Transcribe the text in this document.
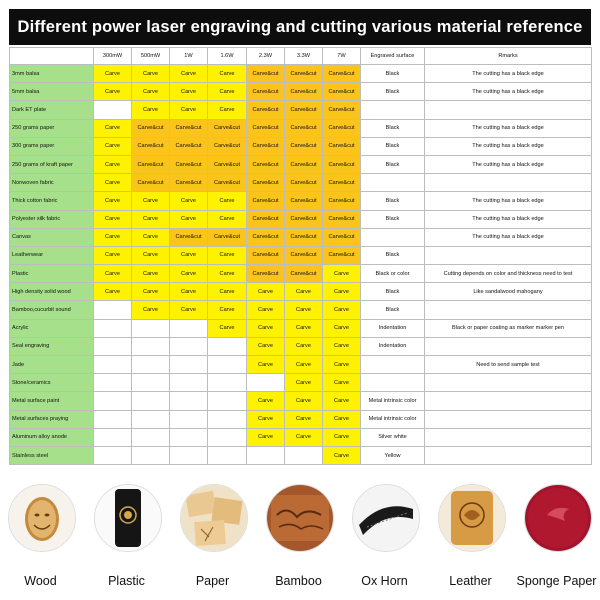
Different power laser engraving and cutting various material reference
	300mW	500mW	1W	1.6W	2.3W	3.3W	7W	Engraved surface	Rmarks
3mm balsa	Carve	Carve	Carve	Carve	Carve&cut	Carve&cut	Carve&cut	Black	The cutting has a black edge
5mm balsa	Carve	Carve	Carve	Carve	Carve&cut	Carve&cut	Carve&cut	Black	The cutting has a black edge
Dark ET plate		Carve	Carve	Carve	Carve&cut	Carve&cut	Carve&cut		
250 grams paper	Carve	Carve&cut	Carve&cut	Carve&cut	Carve&cut	Carve&cut	Carve&cut	Black	The cutting has a black edge
300 grams paper	Carve	Carve&cut	Carve&cut	Carve&cut	Carve&cut	Carve&cut	Carve&cut	Black	The cutting has a black edge
250 grams of kraft paper	Carve	Carve&cut	Carve&cut	Carve&cut	Carve&cut	Carve&cut	Carve&cut	Black	The cutting has a black edge
Nonwoven fabric	Carve	Carve&cut	Carve&cut	Carve&cut	Carve&cut	Carve&cut	Carve&cut		
Thick cotton fabric	Carve	Carve	Carve	Carve	Carve&cut	Carve&cut	Carve&cut	Black	The cutting has a black edge
Polyester silk fabric	Carve	Carve	Carve	Carve	Carve&cut	Carve&cut	Carve&cut	Black	The cutting has a black edge
Canvas	Carve	Carve	Carve&cut	Carve&cut	Carve&cut	Carve&cut	Carve&cut		The cutting has a black edge
Leatherwear	Carve	Carve	Carve	Carve	Carve&cut	Carve&cut	Carve&cut	Black	
Plastic	Carve	Carve	Carve	Carve	Carve&cut	Carve&cut	Carve	Black or color	Cutting depends on color and thickness need to test
High density solid wood	Carve	Carve	Carve	Carve	Carve	Carve	Carve	Black	Like sandalwood mahogany
Bamboo,cucurbit sound		Carve	Carve	Carve	Carve	Carve	Carve	Black	
Acrylic				Carve	Carve	Carve	Carve	Indentation	Black or paper coating as marker marker pen
Seal engraving					Carve	Carve	Carve	Indentation	
Jade					Carve	Carve	Carve		Need to send sample test
Stone/ceramics						Carve	Carve		
Metal surface paint					Carve	Carve	Carve	Metal intrinsic color	
Metal surfaces praying					Carve	Carve	Carve	Metal intrinsic color	
Aluminum alloy anode					Carve	Carve	Carve	Silver white	
Stainless steel							Carve	Yellow	
Wood	Plastic	Paper	Bamboo	Ox Horn	Leather	Sponge Paper
